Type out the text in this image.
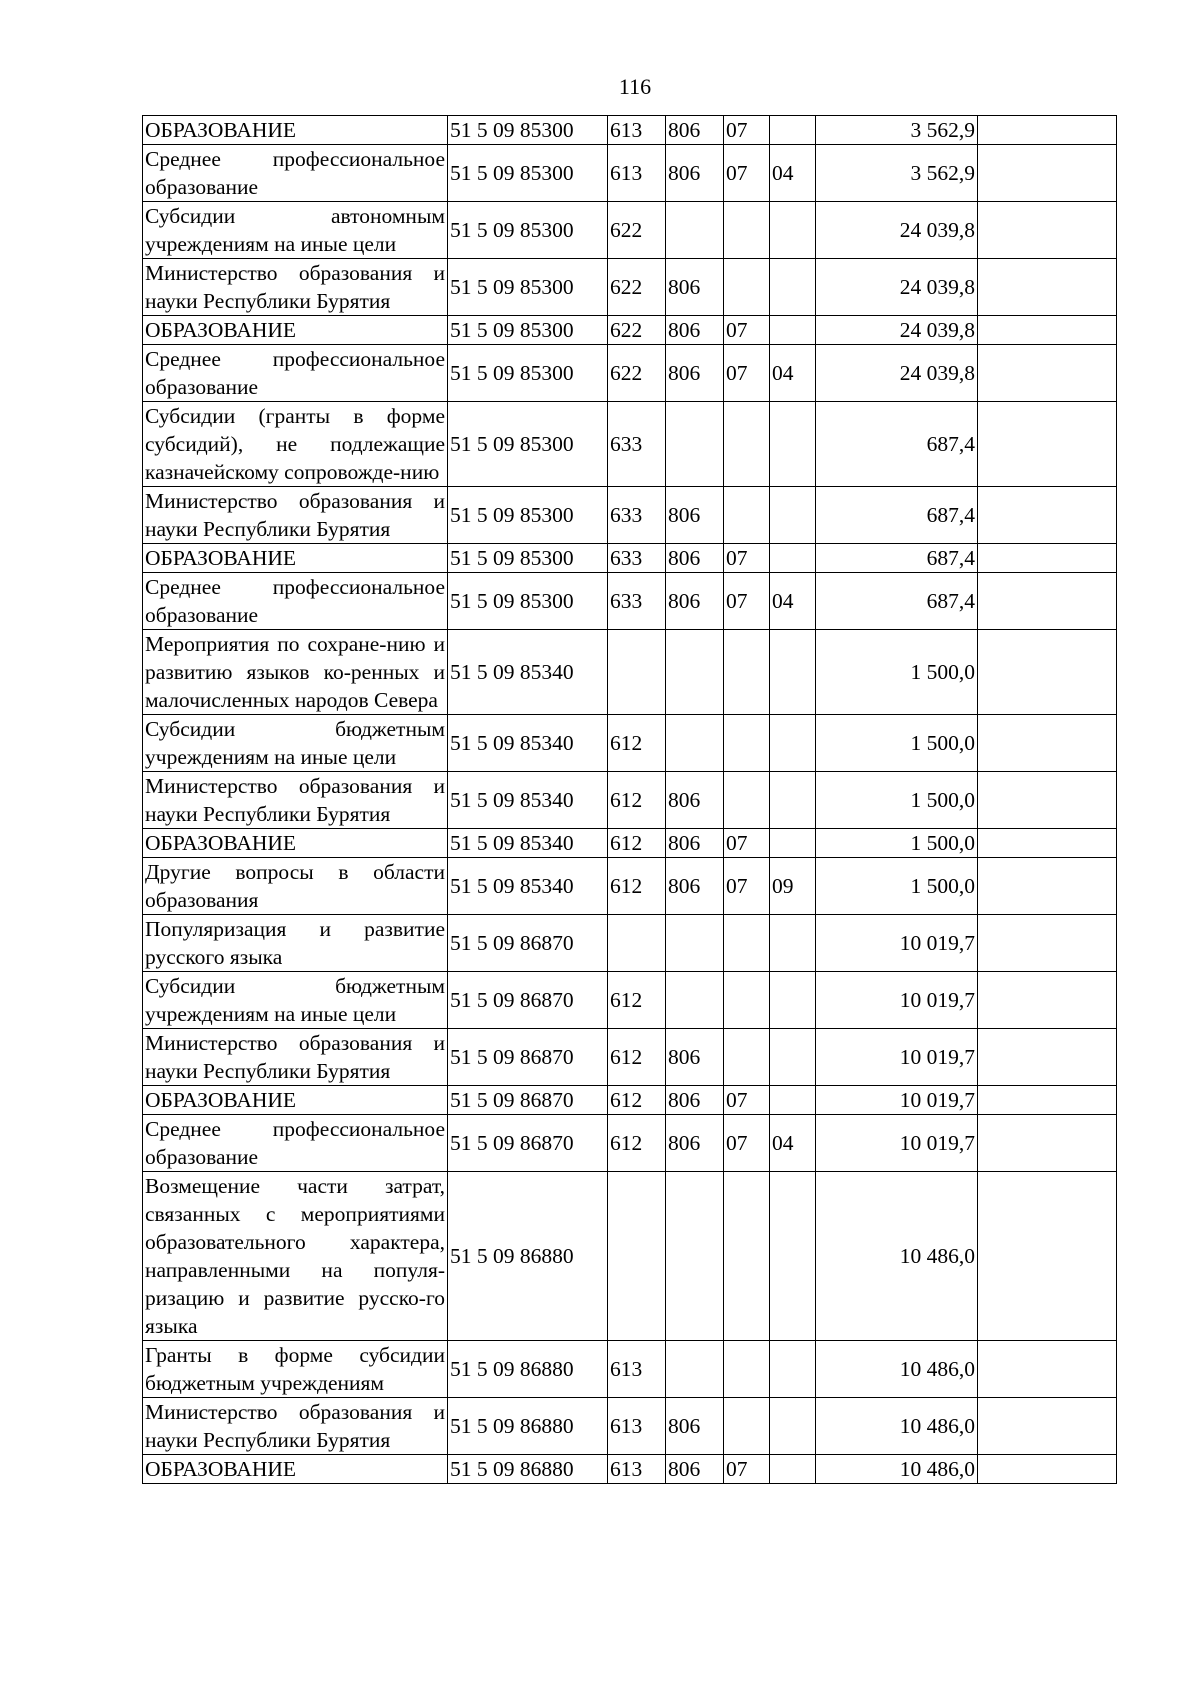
116
ОБРАЗОВАНИЕ	51 5 09 85300	613	806	07		3 562,9	
Среднее профессиональное образование	51 5 09 85300	613	806	07	04	3 562,9	
Субсидии автономным учреждениям на иные цели	51 5 09 85300	622				24 039,8	
Министерство образования и науки Республики Бурятия	51 5 09 85300	622	806			24 039,8	
ОБРАЗОВАНИЕ	51 5 09 85300	622	806	07		24 039,8	
Среднее профессиональное образование	51 5 09 85300	622	806	07	04	24 039,8	
Субсидии (гранты в форме субсидий), не подлежащие казначейскому сопровожде-нию	51 5 09 85300	633				687,4	
Министерство образования и науки Республики Бурятия	51 5 09 85300	633	806			687,4	
ОБРАЗОВАНИЕ	51 5 09 85300	633	806	07		687,4	
Среднее профессиональное образование	51 5 09 85300	633	806	07	04	687,4	
Мероприятия по сохране-нию и развитию языков ко-ренных и малочисленных народов Севера	51 5 09 85340					1 500,0	
Субсидии бюджетным учреждениям на иные цели	51 5 09 85340	612				1 500,0	
Министерство образования и науки Республики Бурятия	51 5 09 85340	612	806			1 500,0	
ОБРАЗОВАНИЕ	51 5 09 85340	612	806	07		1 500,0	
Другие вопросы в области образования	51 5 09 85340	612	806	07	09	1 500,0	
Популяризация и развитие русского языка	51 5 09 86870					10 019,7	
Субсидии бюджетным учреждениям на иные цели	51 5 09 86870	612				10 019,7	
Министерство образования и науки Республики Бурятия	51 5 09 86870	612	806			10 019,7	
ОБРАЗОВАНИЕ	51 5 09 86870	612	806	07		10 019,7	
Среднее профессиональное образование	51 5 09 86870	612	806	07	04	10 019,7	
Возмещение части затрат, связанных с мероприятиями образовательного характера, направленными на популя-ризацию и развитие русско-го языка	51 5 09 86880					10 486,0	
Гранты в форме субсидии бюджетным учреждениям	51 5 09 86880	613				10 486,0	
Министерство образования и науки Республики Бурятия	51 5 09 86880	613	806			10 486,0	
ОБРАЗОВАНИЕ	51 5 09 86880	613	806	07		10 486,0	
